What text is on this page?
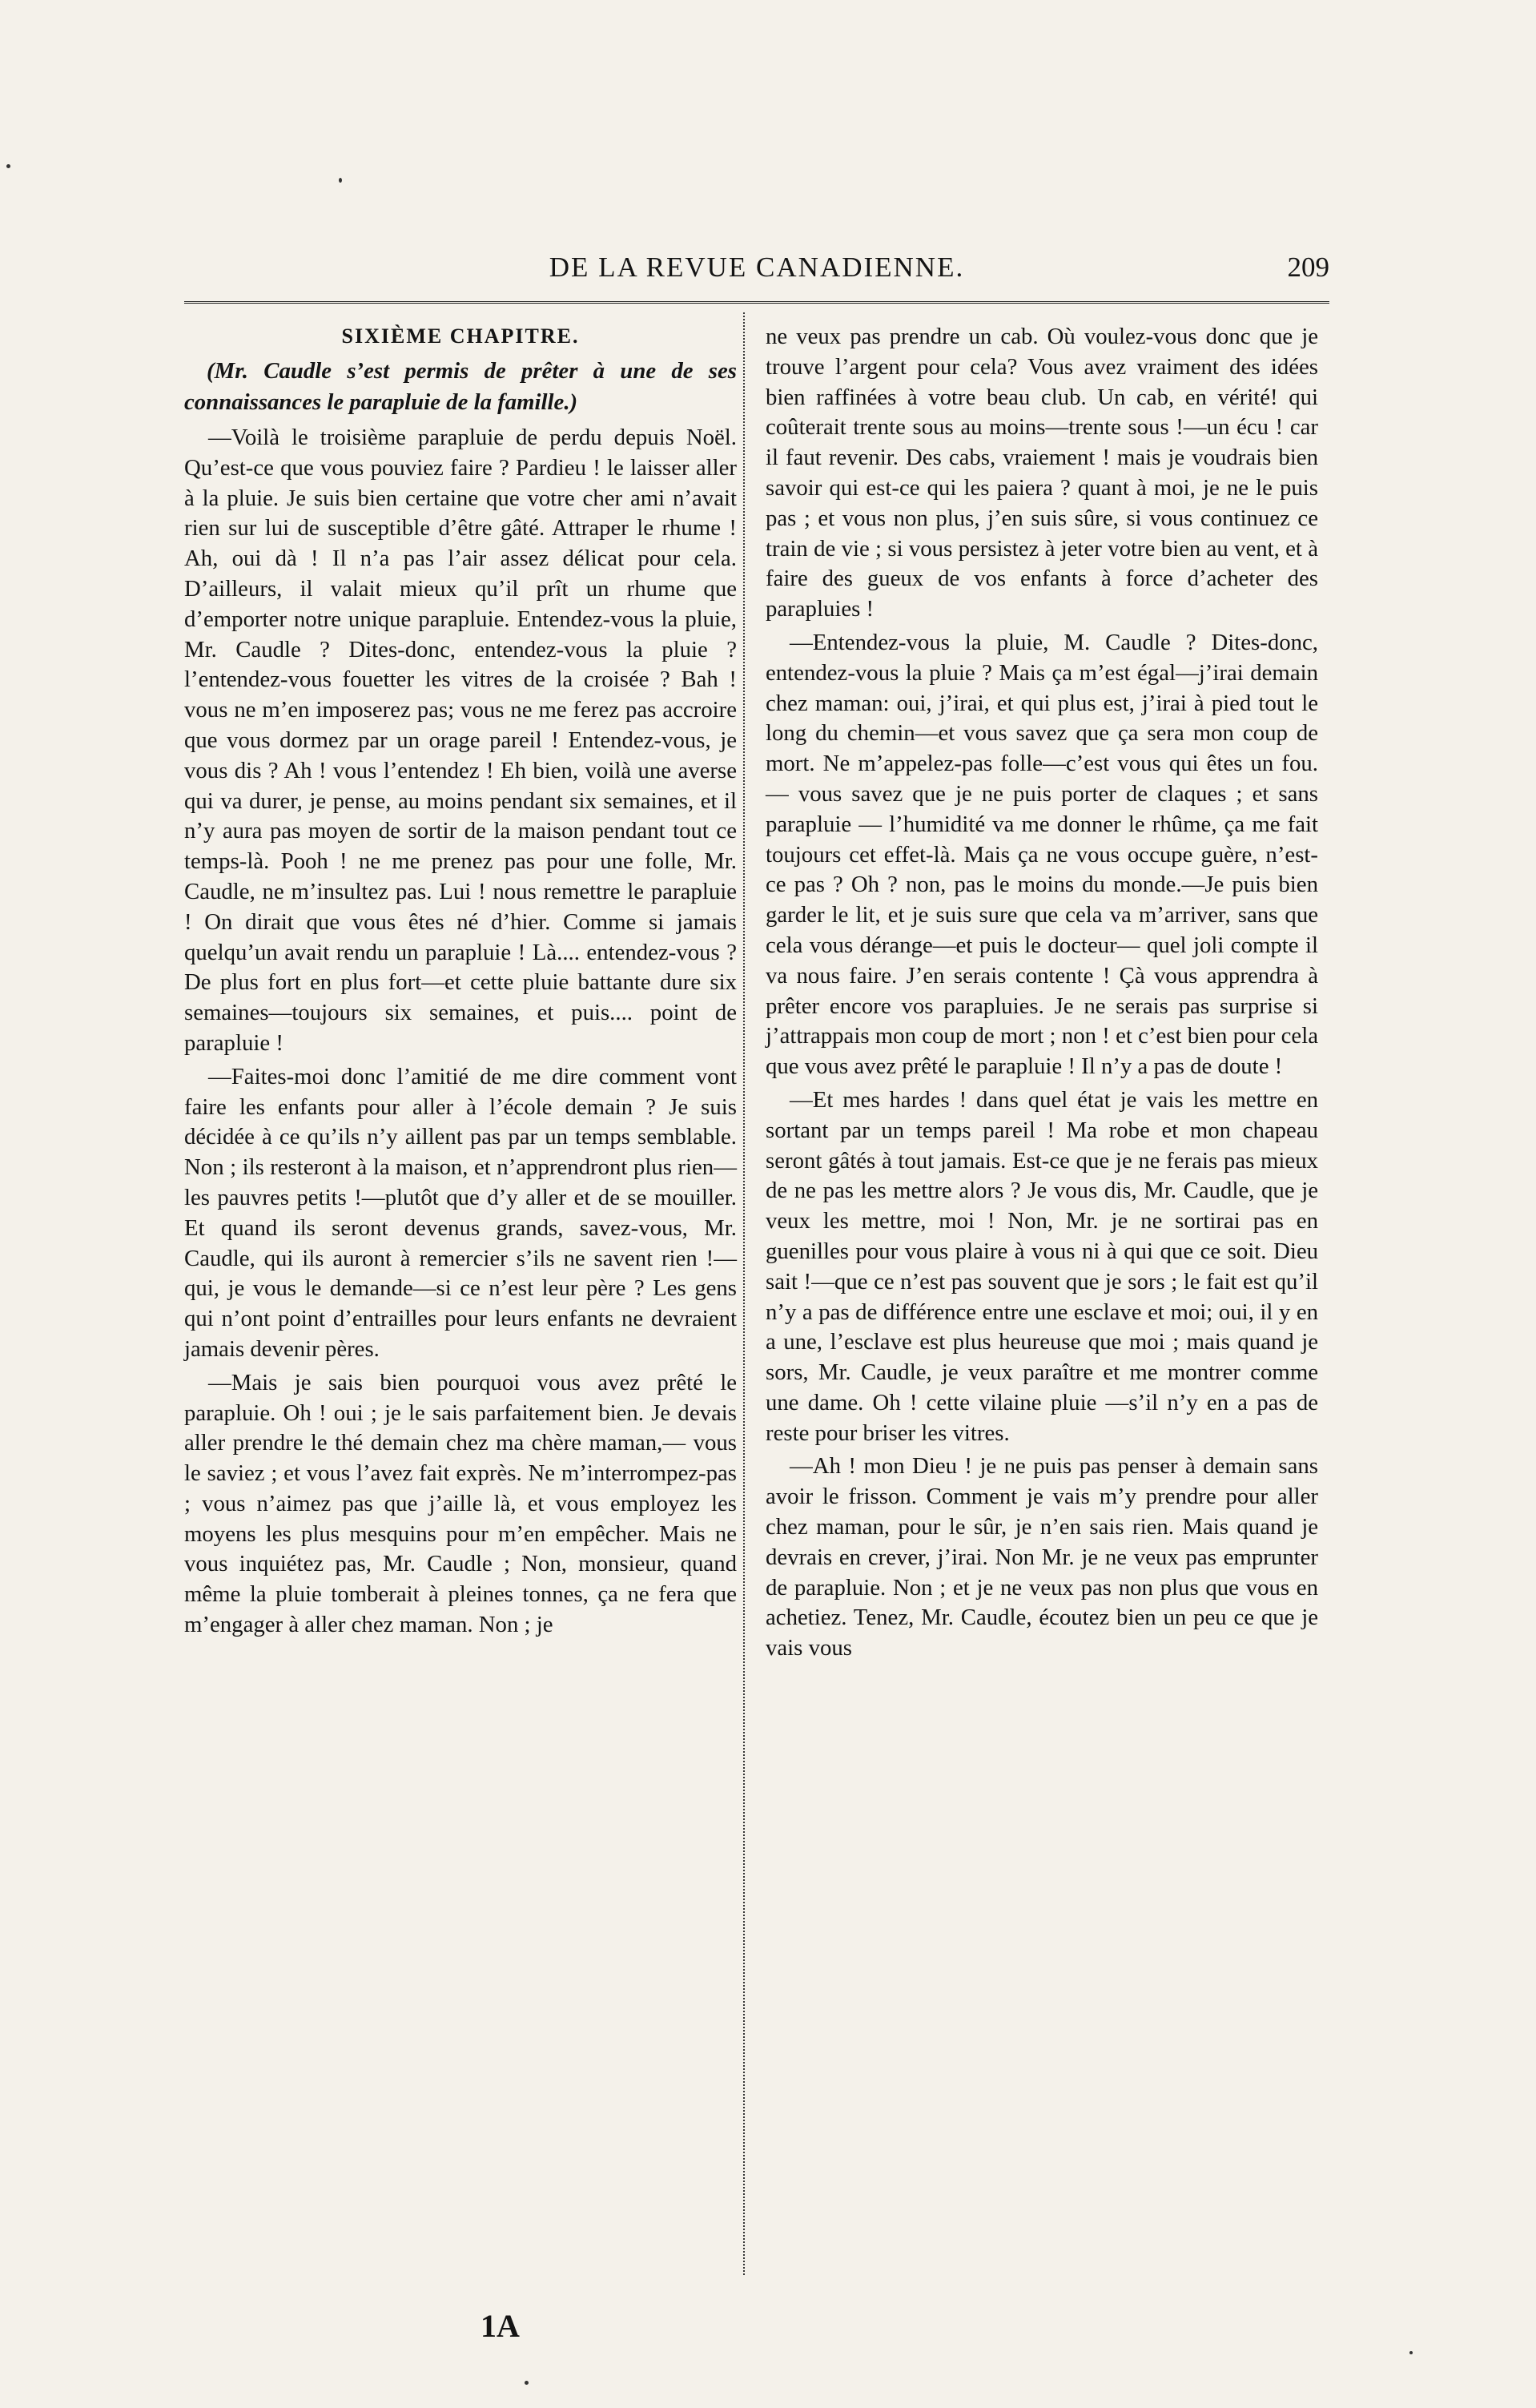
DE LA REVUE CANADIENNE.	209
SIXIÈME CHAPITRE.
(Mr. Caudle s’est permis de prêter à une de ses connaissances le parapluie de la famille.)

—Voilà le troisième parapluie de perdu depuis Noël. Qu’est-ce que vous pouviez faire ? Pardieu ! le laisser aller à la pluie. Je suis bien certaine que votre cher ami n’avait rien sur lui de susceptible d’être gâté. Attraper le rhume ! Ah, oui dà ! Il n’a pas l’air assez délicat pour cela. D’ailleurs, il valait mieux qu’il prît un rhume que d’emporter notre unique parapluie. Entendez-vous la pluie, Mr. Caudle ? Dites-donc, entendez-vous la pluie ? l’entendez-vous fouetter les vitres de la croisée ? Bah ! vous ne m’en imposerez pas; vous ne me ferez pas accroire que vous dormez par un orage pareil ! Entendez-vous, je vous dis ? Ah ! vous l’entendez ! Eh bien, voilà une averse qui va durer, je pense, au moins pendant six semaines, et il n’y aura pas moyen de sortir de la maison pendant tout ce temps-là. Pooh ! ne me prenez pas pour une folle, Mr. Caudle, ne m’insultez pas. Lui ! nous remettre le parapluie ! On dirait que vous êtes né d’hier. Comme si jamais quelqu’un avait rendu un parapluie ! Là.... entendez-vous ? De plus fort en plus fort—et cette pluie battante dure six semaines—toujours six semaines, et puis.... point de parapluie !

—Faites-moi donc l’amitié de me dire comment vont faire les enfants pour aller à l’école demain ? Je suis décidée à ce qu’ils n’y aillent pas par un temps semblable. Non ; ils resteront à la maison, et n’apprendront plus rien—les pauvres petits !—plutôt que d’y aller et de se mouiller. Et quand ils seront devenus grands, savez-vous, Mr. Caudle, qui ils auront à remercier s’ils ne savent rien !— qui, je vous le demande—si ce n’est leur père ? Les gens qui n’ont point d’entrailles pour leurs enfants ne devraient jamais devenir pères.

—Mais je sais bien pourquoi vous avez prêté le parapluie. Oh ! oui ; je le sais parfaitement bien. Je devais aller prendre le thé demain chez ma chère maman,— vous le saviez ; et vous l’avez fait exprès. Ne m’interrompez-pas ; vous n’aimez pas que j’aille là, et vous employez les moyens les plus mesquins pour m’en empêcher. Mais ne vous inquiétez pas, Mr. Caudle ; Non, monsieur, quand même la pluie tomberait à pleines tonnes, ça ne fera que m’engager à aller chez maman. Non ; je

ne veux pas prendre un cab. Où voulez-vous donc que je trouve l’argent pour cela? Vous avez vraiment des idées bien raffinées à votre beau club. Un cab, en vérité! qui coûterait trente sous au moins—trente sous !—un écu ! car il faut revenir. Des cabs, vraiement ! mais je voudrais bien savoir qui est-ce qui les paiera ? quant à moi, je ne le puis pas ; et vous non plus, j’en suis sûre, si vous continuez ce train de vie ; si vous persistez à jeter votre bien au vent, et à faire des gueux de vos enfants à force d’acheter des parapluies !

—Entendez-vous la pluie, M. Caudle ? Dites-donc, entendez-vous la pluie ? Mais ça m’est égal—j’irai demain chez maman: oui, j’irai, et qui plus est, j’irai à pied tout le long du chemin—et vous savez que ça sera mon coup de mort. Ne m’appelez-pas folle—c’est vous qui êtes un fou.— vous savez que je ne puis porter de claques ; et sans parapluie — l’humidité va me donner le rhûme, ça me fait toujours cet effet-là. Mais ça ne vous occupe guère, n’est-ce pas ? Oh ? non, pas le moins du monde.—Je puis bien garder le lit, et je suis sure que cela va m’arriver, sans que cela vous dérange—et puis le docteur— quel joli compte il va nous faire. J’en serais contente ! Çà vous apprendra à prêter encore vos parapluies. Je ne serais pas surprise si j’attrappais mon coup de mort ; non ! et c’est bien pour cela que vous avez prêté le parapluie ! Il n’y a pas de doute !

—Et mes hardes ! dans quel état je vais les mettre en sortant par un temps pareil ! Ma robe et mon chapeau seront gâtés à tout jamais. Est-ce que je ne ferais pas mieux de ne pas les mettre alors ? Je vous dis, Mr. Caudle, que je veux les mettre, moi ! Non, Mr. je ne sortirai pas en guenilles pour vous plaire à vous ni à qui que ce soit. Dieu sait !—que ce n’est pas souvent que je sors ; le fait est qu’il n’y a pas de différence entre une esclave et moi; oui, il y en a une, l’esclave est plus heureuse que moi ; mais quand je sors, Mr. Caudle, je veux paraître et me montrer comme une dame. Oh ! cette vilaine pluie —s’il n’y en a pas de reste pour briser les vitres.

—Ah ! mon Dieu ! je ne puis pas penser à demain sans avoir le frisson. Comment je vais m’y prendre pour aller chez maman, pour le sûr, je n’en sais rien. Mais quand je devrais en crever, j’irai. Non Mr. je ne veux pas emprunter de parapluie. Non ; et je ne veux pas non plus que vous en achetiez. Tenez, Mr. Caudle, écoutez bien un peu ce que je vais vous

1A
